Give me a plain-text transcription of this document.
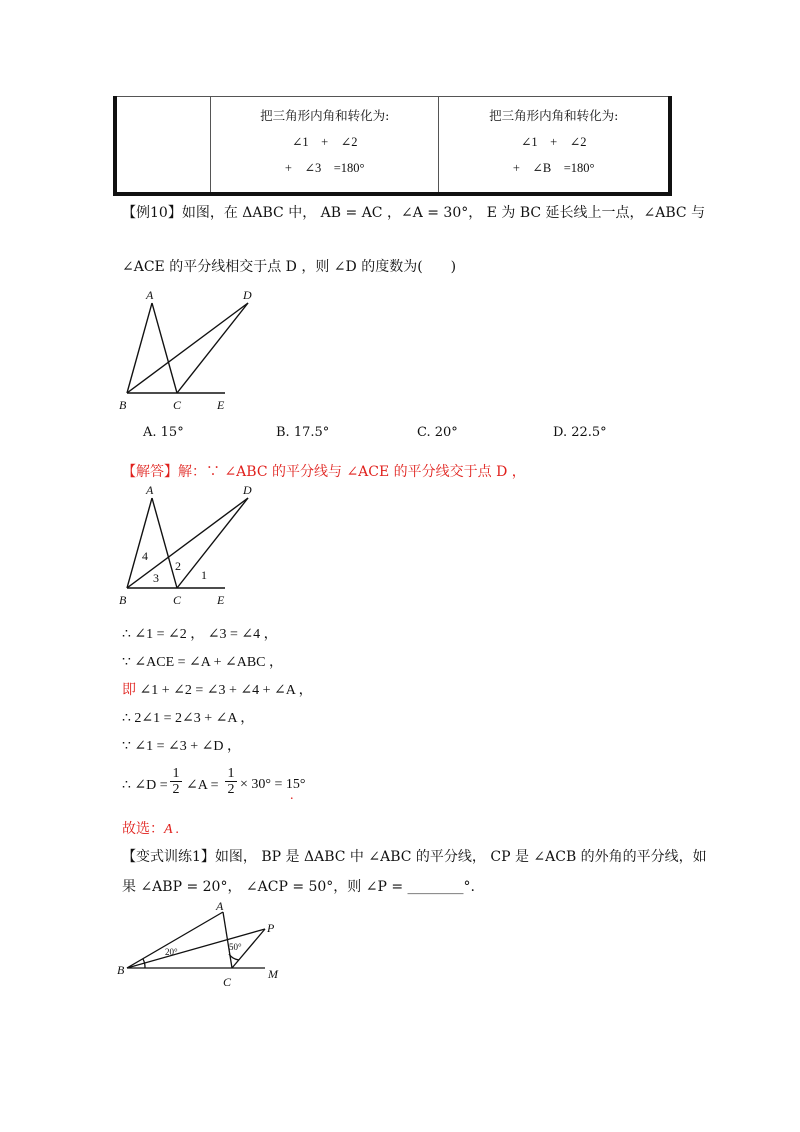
把三角形内角和转化为:
∠1　+　∠2
+　∠3　=180°

把三角形内角和转化为:
∠1　+　∠2
+　∠B　=180°
【例10】如图，在 ΔABC 中， AB = AC ，∠A = 30°， E 为 BC 延长线上一点，∠ABC 与
∠ACE 的平分线相交于点 D ，则 ∠D 的度数为(　　)
A	D
B	C	E
A. 15°	B. 17.5°	C. 20°	D. 22.5°
【解答】解：∵ ∠ABC 的平分线与 ∠ACE 的平分线交于点 D ，
A	D
B	C	E
4
3
2
1
∴ ∠1 = ∠2 ， ∠3 = ∠4 ，
∵ ∠ACE = ∠A + ∠ABC ，
即 ∠1 + ∠2 = ∠3 + ∠4 + ∠A ，
∴ 2∠1 = 2∠3 + ∠A ，
∵ ∠1 = ∠3 + ∠D ，
∴ ∠D = $\frac{1}{2}$ ∠A = $\frac{1}{2} \times 30^\circ = 15^\circ$
.
故选：A .
【变式训练1】如图， BP 是 ΔABC 中 ∠ABC 的平分线， CP 是 ∠ACB 的外角的平分线，如
果 ∠ABP = 20°， ∠ACP = 50°，则 ∠P = ________°.
A
P
B
C
M
20°	50°
